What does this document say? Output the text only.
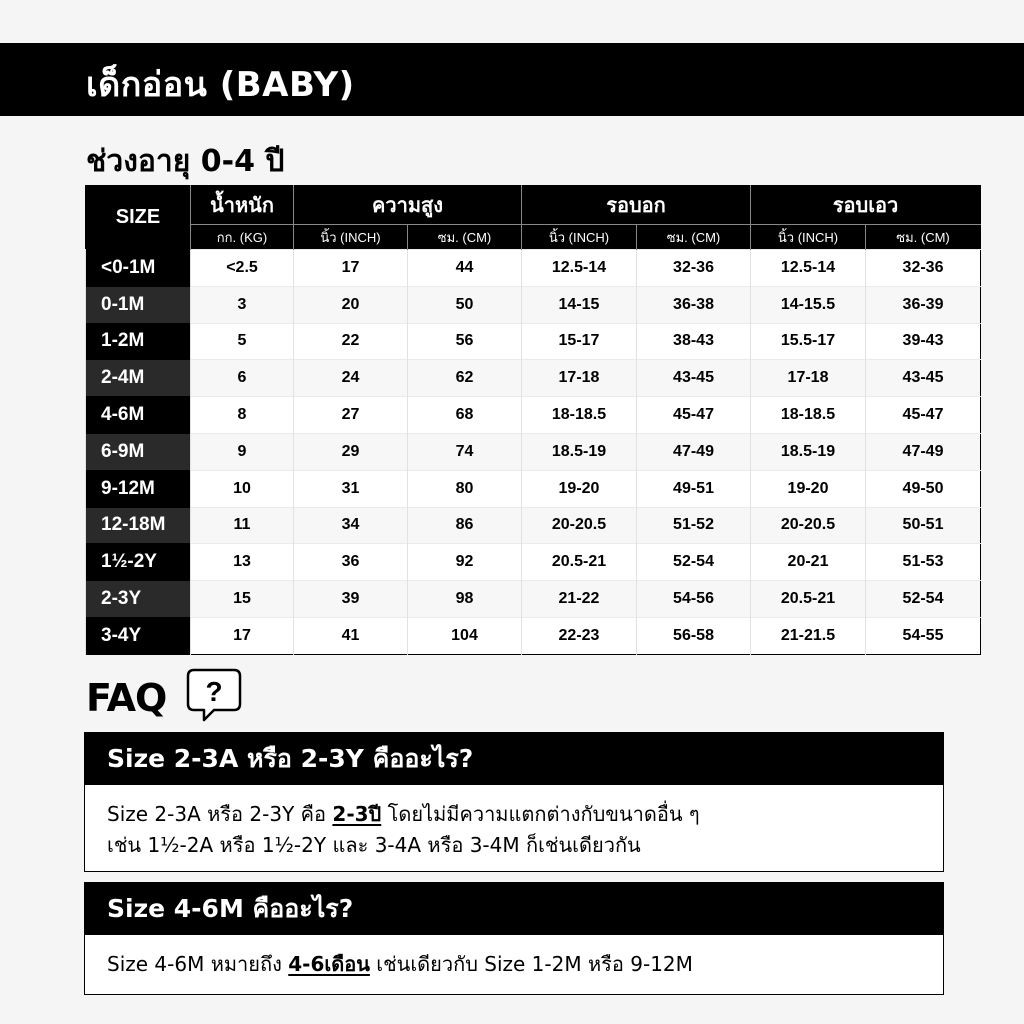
เด็กอ่อน (BABY)
ช่วงอายุ 0-4 ปี
SIZE	น้ำหนัก	ความสูง		รอบอก		รอบเอว	
	กก. (KG)	นิ้ว (INCH)	ซม. (CM)	นิ้ว (INCH)	ซม. (CM)	นิ้ว (INCH)	ซม. (CM)
<0-1M	<2.5	17	44	12.5-14	32-36	12.5-14	32-36
0-1M	3	20	50	14-15	36-38	14-15.5	36-39
1-2M	5	22	56	15-17	38-43	15.5-17	39-43
2-4M	6	24	62	17-18	43-45	17-18	43-45
4-6M	8	27	68	18-18.5	45-47	18-18.5	45-47
6-9M	9	29	74	18.5-19	47-49	18.5-19	47-49
9-12M	10	31	80	19-20	49-51	19-20	49-50
12-18M	11	34	86	20-20.5	51-52	20-20.5	50-51
1½-2Y	13	36	92	20.5-21	52-54	20-21	51-53
2-3Y	15	39	98	21-22	54-56	20.5-21	52-54
3-4Y	17	41	104	22-23	56-58	21-21.5	54-55
FAQ ?
Size 2-3A หรือ 2-3Y คืออะไร?
Size 2-3A หรือ 2-3Y คือ 2-3ปี โดยไม่มีความแตกต่างกับขนาดอื่น ๆ
เช่น 1½-2A หรือ 1½-2Y และ 3-4A หรือ 3-4M ก็เช่นเดียวกัน
Size 4-6M คืออะไร?
Size 4-6M หมายถึง 4-6เดือน เช่นเดียวกับ Size 1-2M หรือ 9-12M
